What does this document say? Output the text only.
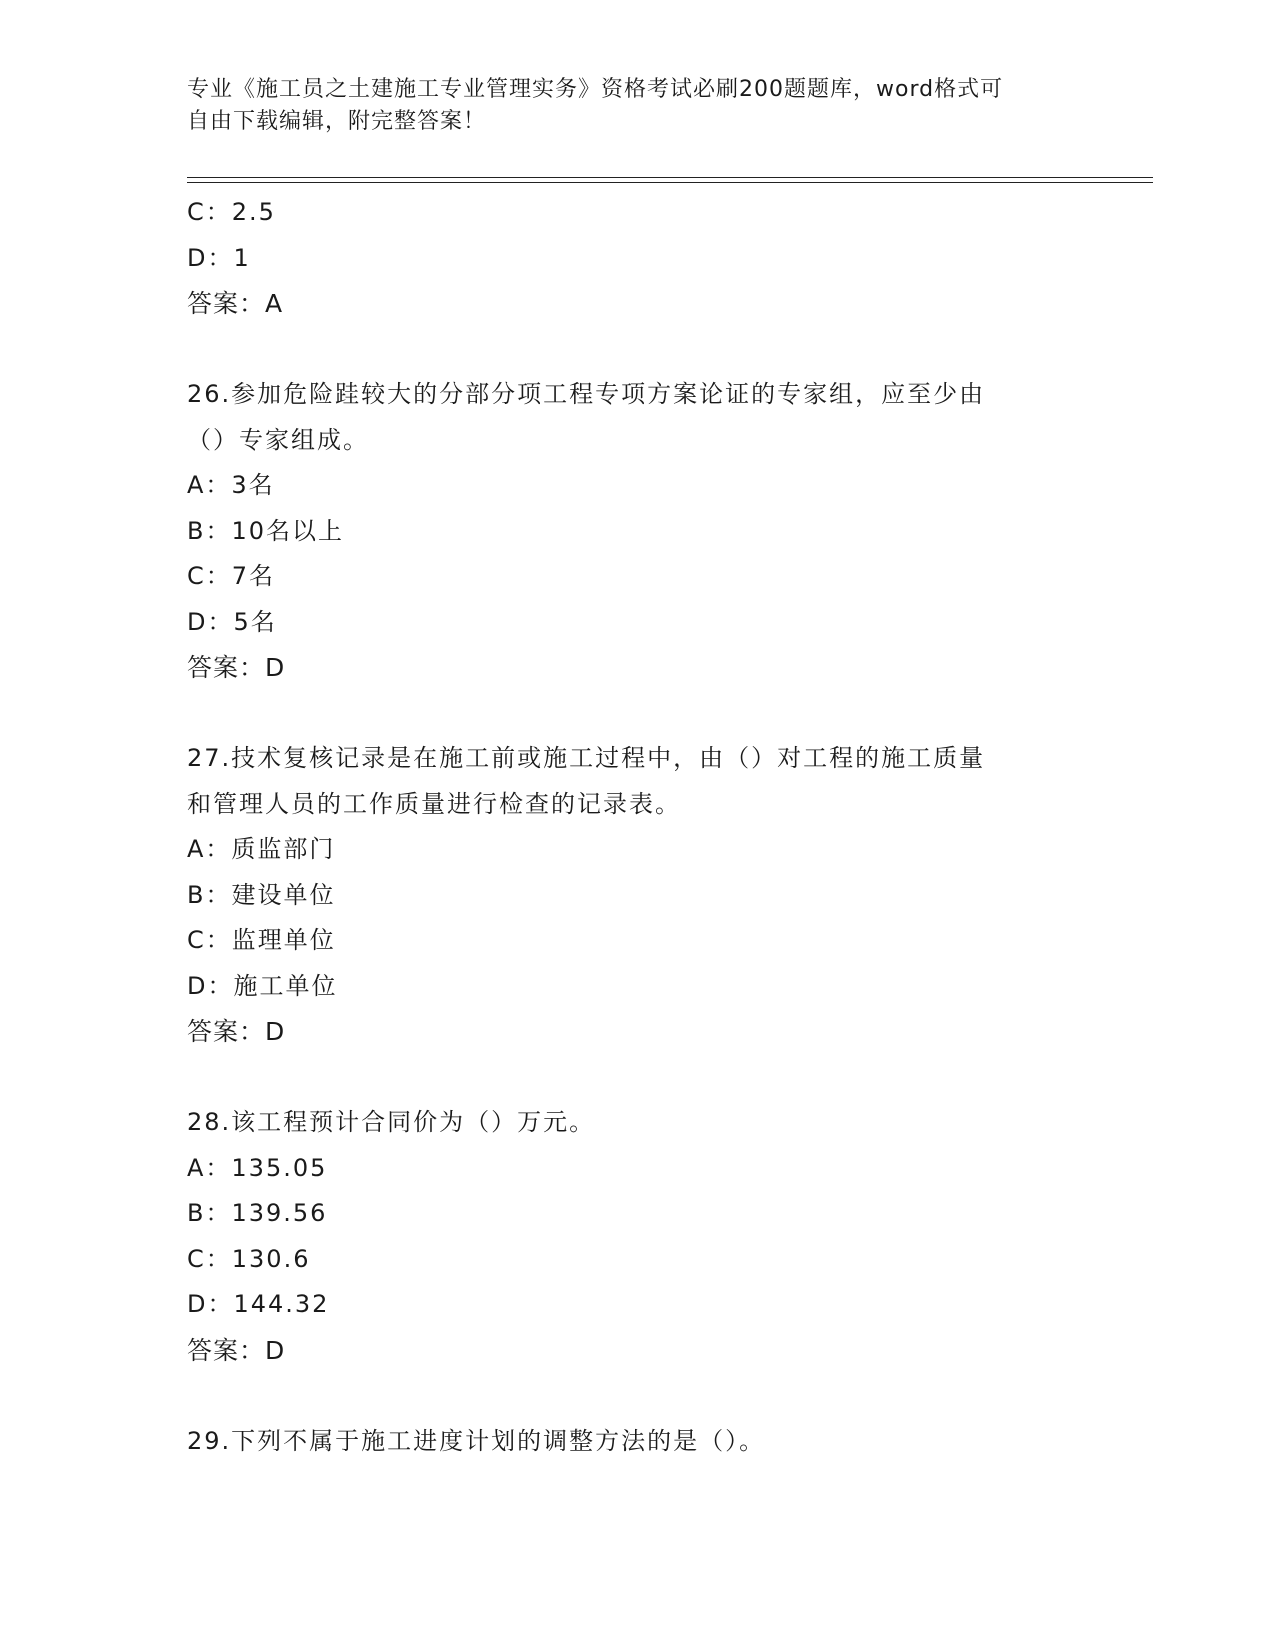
专业《施工员之土建施工专业管理实务》资格考试必刷200题题库，word格式可
自由下载编辑，附完整答案！
C：2.5
D：1
答案：A
26.参加危险跬较大的分部分项工程专项方案论证的专家组，应至少由
（）专家组成。
A：3名
B：10名以上
C：7名
D：5名
答案：D
27.技术复核记录是在施工前或施工过程中，由（）对工程的施工质量
和管理人员的工作质量进行检查的记录表。
A：质监部门
B：建设单位
C：监理单位
D：施工单位
答案：D
28.该工程预计合同价为（）万元。
A：135.05
B：139.56
C：130.6
D：144.32
答案：D
29.下列不属于施工进度计划的调整方法的是（）。
